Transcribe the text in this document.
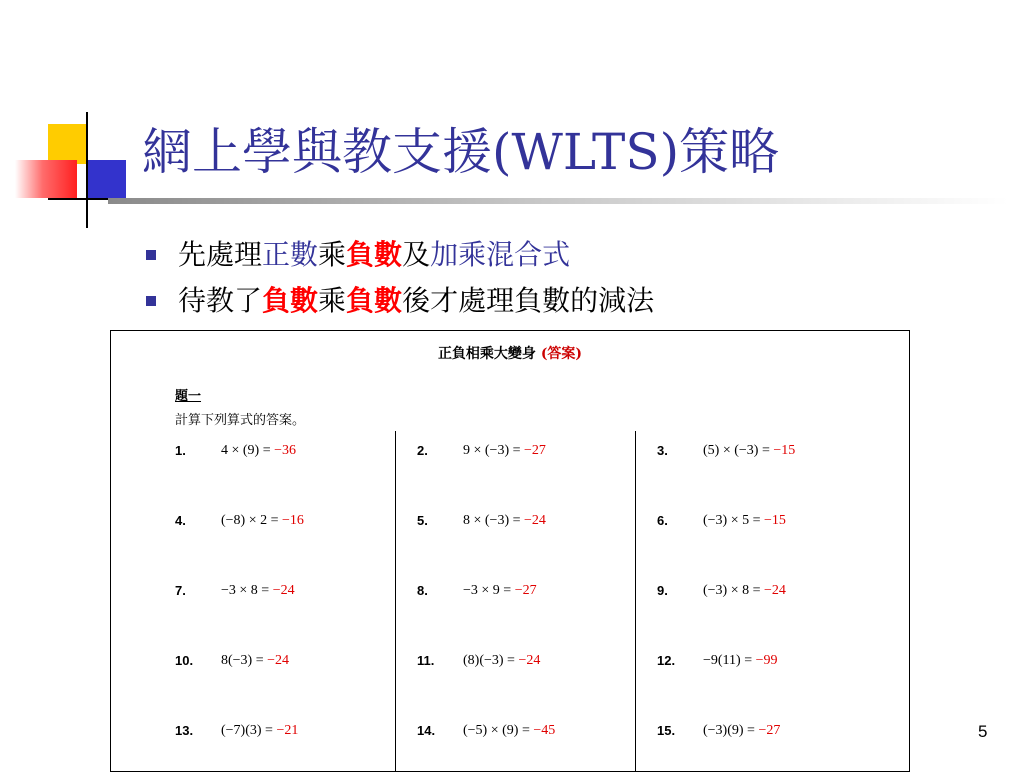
網上學與教支援(WLTS)策略
先處理 正數 乘 負數 及 加乘混合式
待教了 負數 乘 負數 後才處理負數的減法
正負相乘大變身 (答案)
題一
計算下列算式的答案。
1.	4 × (9) = −36	2.	9 × (−3) = −27	3.	(5) × (−3) = −15
4.	(−8) × 2 = −16	5.	8 × (−3) = −24	6.	(−3) × 5 = −15
7.	−3 × 8 = −24	8.	−3 × 9 = −27	9.	(−3) × 8 = −24
10. 8(−3) = −24	11. (8)(−3) = −24	12. −9(11) = −99
13. (−7)(3) = −21	14. (−5) × (9) = −45	15. (−3)(9) = −27	5
